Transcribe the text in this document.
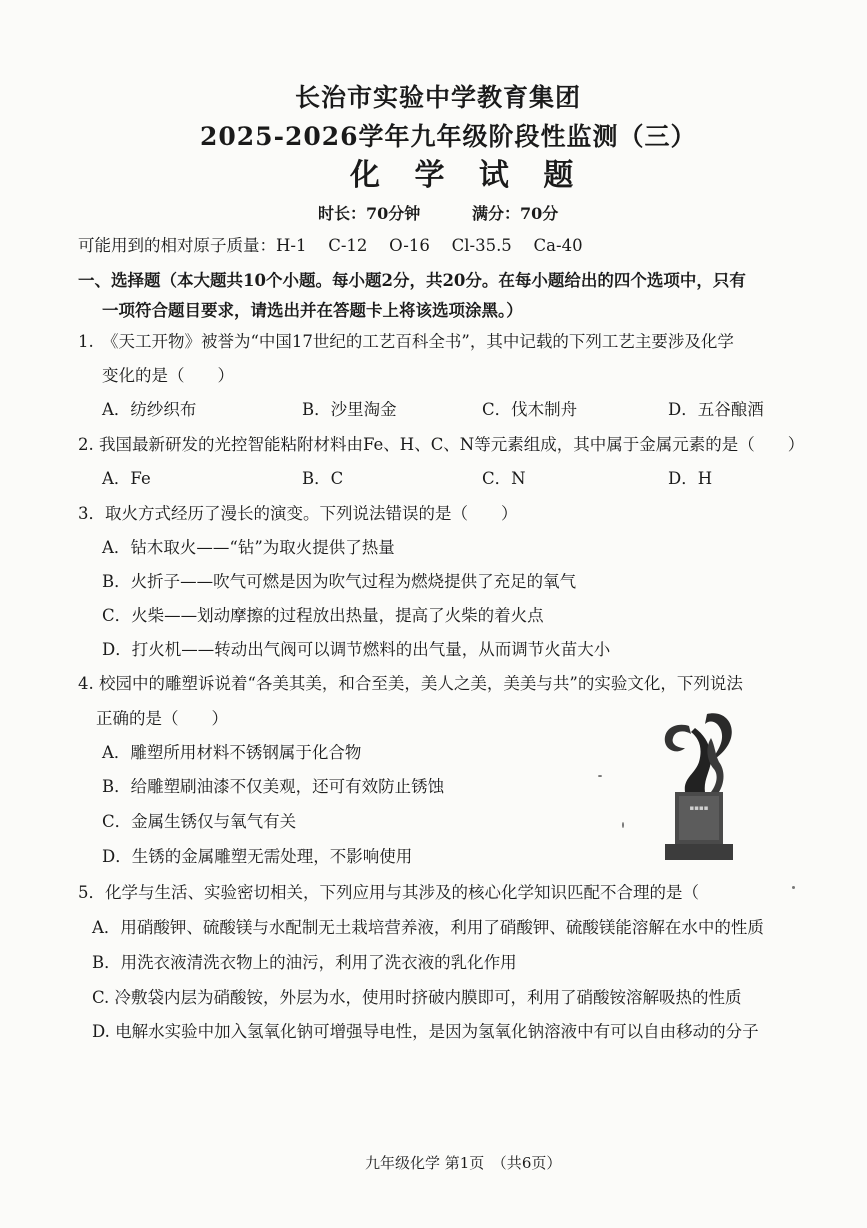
长治市实验中学教育集团
2025-2026学年九年级阶段性监测（三）
化 学 试 题
时长：70分钟	满分：70分
可能用到的相对原子质量：H-1　 C-12　 O-16　 Cl-35.5　 Ca-40
一、选择题（本大题共10个小题。每小题2分，共20分。在每小题给出的四个选项中，只有
一项符合题目要求，请选出并在答题卡上将该选项涂黑。）
1.　《天工开物》被誉为“中国17世纪的工艺百科全书”，其中记载的下列工艺主要涉及化学
变化的是（　　）
A．纺纱织布	B．沙里淘金	C．伐木制舟	D．五谷酿酒
2. 我国最新研发的光控智能粘附材料由Fe、H、C、N等元素组成，其中属于金属元素的是（　　）
A．Fe	B．C	C．N	D．H
3．取火方式经历了漫长的演变。下列说法错误的是（　　）
A．钻木取火——“钻”为取火提供了热量
B．火折子——吹气可燃是因为吹气过程为燃烧提供了充足的氧气
C．火柴——划动摩擦的过程放出热量，提高了火柴的着火点
D．打火机——转动出气阀可以调节燃料的出气量，从而调节火苗大小
4. 校园中的雕塑诉说着“各美其美，和合至美，美人之美，美美与共”的实验文化，下列说法
正确的是（　　）
A．雕塑所用材料不锈钢属于化合物
B．给雕塑刷油漆不仅美观，还可有效防止锈蚀
C．金属生锈仅与氧气有关
D．生锈的金属雕塑无需处理，不影响使用
▪▪▪▪
5．化学与生活、实验密切相关，下列应用与其涉及的核心化学知识匹配不合理的是（
A．用硝酸钾、硫酸镁与水配制无土栽培营养液，利用了硝酸钾、硫酸镁能溶解在水中的性质
B．用洗衣液清洗衣物上的油污，利用了洗衣液的乳化作用
C. 冷敷袋内层为硝酸铵，外层为水，使用时挤破内膜即可，利用了硝酸铵溶解吸热的性质
D. 电解水实验中加入氢氧化钠可增强导电性，是因为氢氧化钠溶液中有可以自由移动的分子
九年级化学 第1页　（共6页）
